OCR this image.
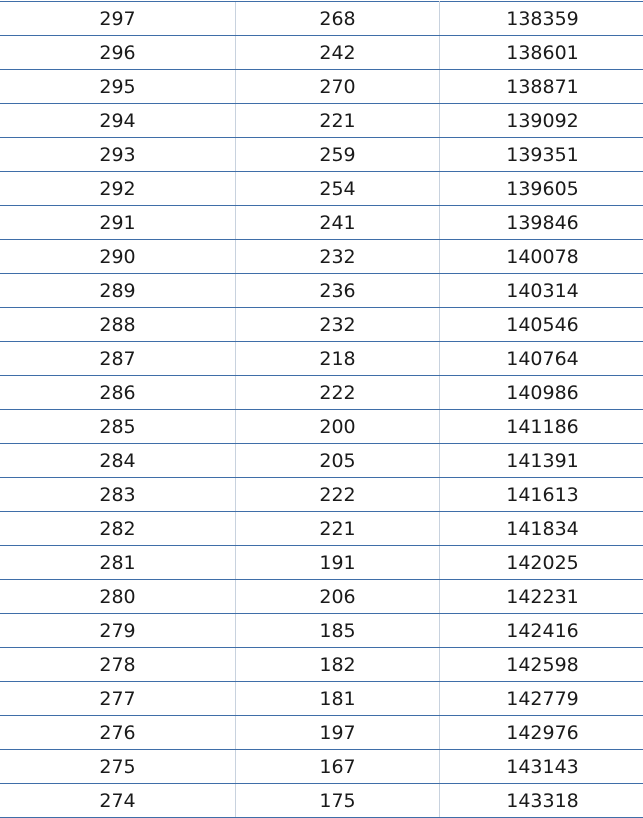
297	268	138359
296	242	138601
295	270	138871
294	221	139092
293	259	139351
292	254	139605
291	241	139846
290	232	140078
289	236	140314
288	232	140546
287	218	140764
286	222	140986
285	200	141186
284	205	141391
283	222	141613
282	221	141834
281	191	142025
280	206	142231
279	185	142416
278	182	142598
277	181	142779
276	197	142976
275	167	143143
274	175	143318
